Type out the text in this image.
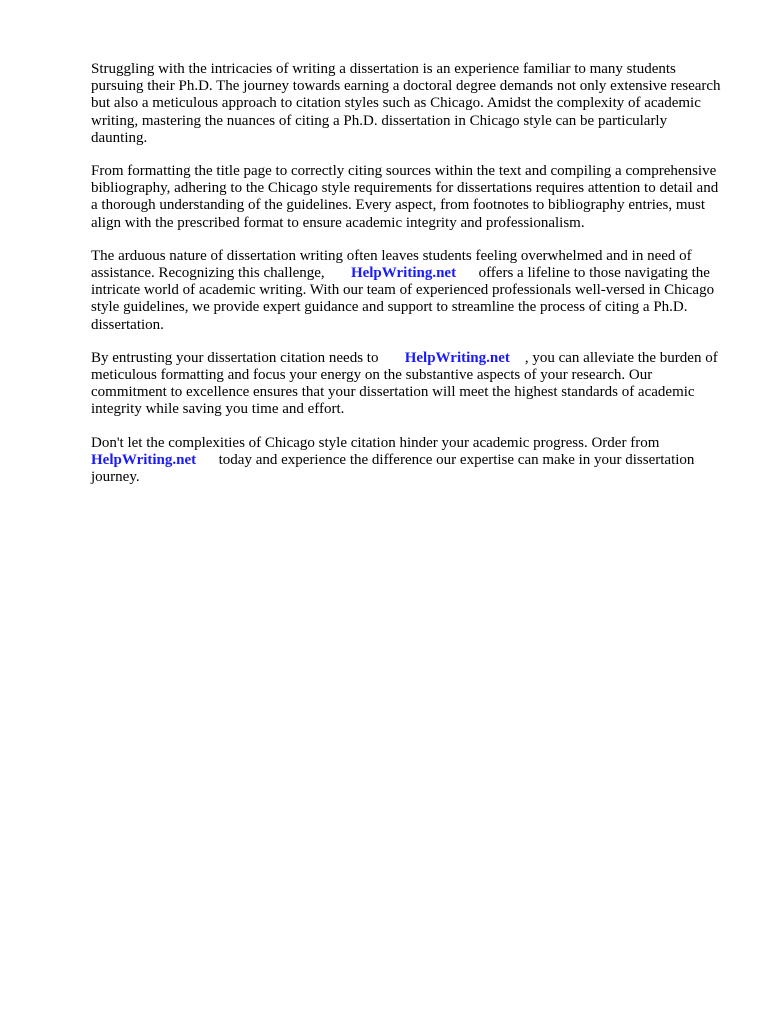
Struggling with the intricacies of writing a dissertation is an experience familiar to many students pursuing their Ph.D. The journey towards earning a doctoral degree demands not only extensive research but also a meticulous approach to citation styles such as Chicago. Amidst the complexity of academic writing, mastering the nuances of citing a Ph.D. dissertation in Chicago style can be particularly daunting.

From formatting the title page to correctly citing sources within the text and compiling a comprehensive bibliography, adhering to the Chicago style requirements for dissertations requires attention to detail and a thorough understanding of the guidelines. Every aspect, from footnotes to bibliography entries, must align with the prescribed format to ensure academic integrity and professionalism.

The arduous nature of dissertation writing often leaves students feeling overwhelmed and in need of assistance. Recognizing this challenge, HelpWriting.net offers a lifeline to those navigating the intricate world of academic writing. With our team of experienced professionals well-versed in Chicago style guidelines, we provide expert guidance and support to streamline the process of citing a Ph.D. dissertation.

By entrusting your dissertation citation needs to HelpWriting.net , you can alleviate the burden of meticulous formatting and focus your energy on the substantive aspects of your research. Our commitment to excellence ensures that your dissertation will meet the highest standards of academic integrity while saving you time and effort.

Don't let the complexities of Chicago style citation hinder your academic progress. Order from HelpWriting.net today and experience the difference our expertise can make in your dissertation journey.
